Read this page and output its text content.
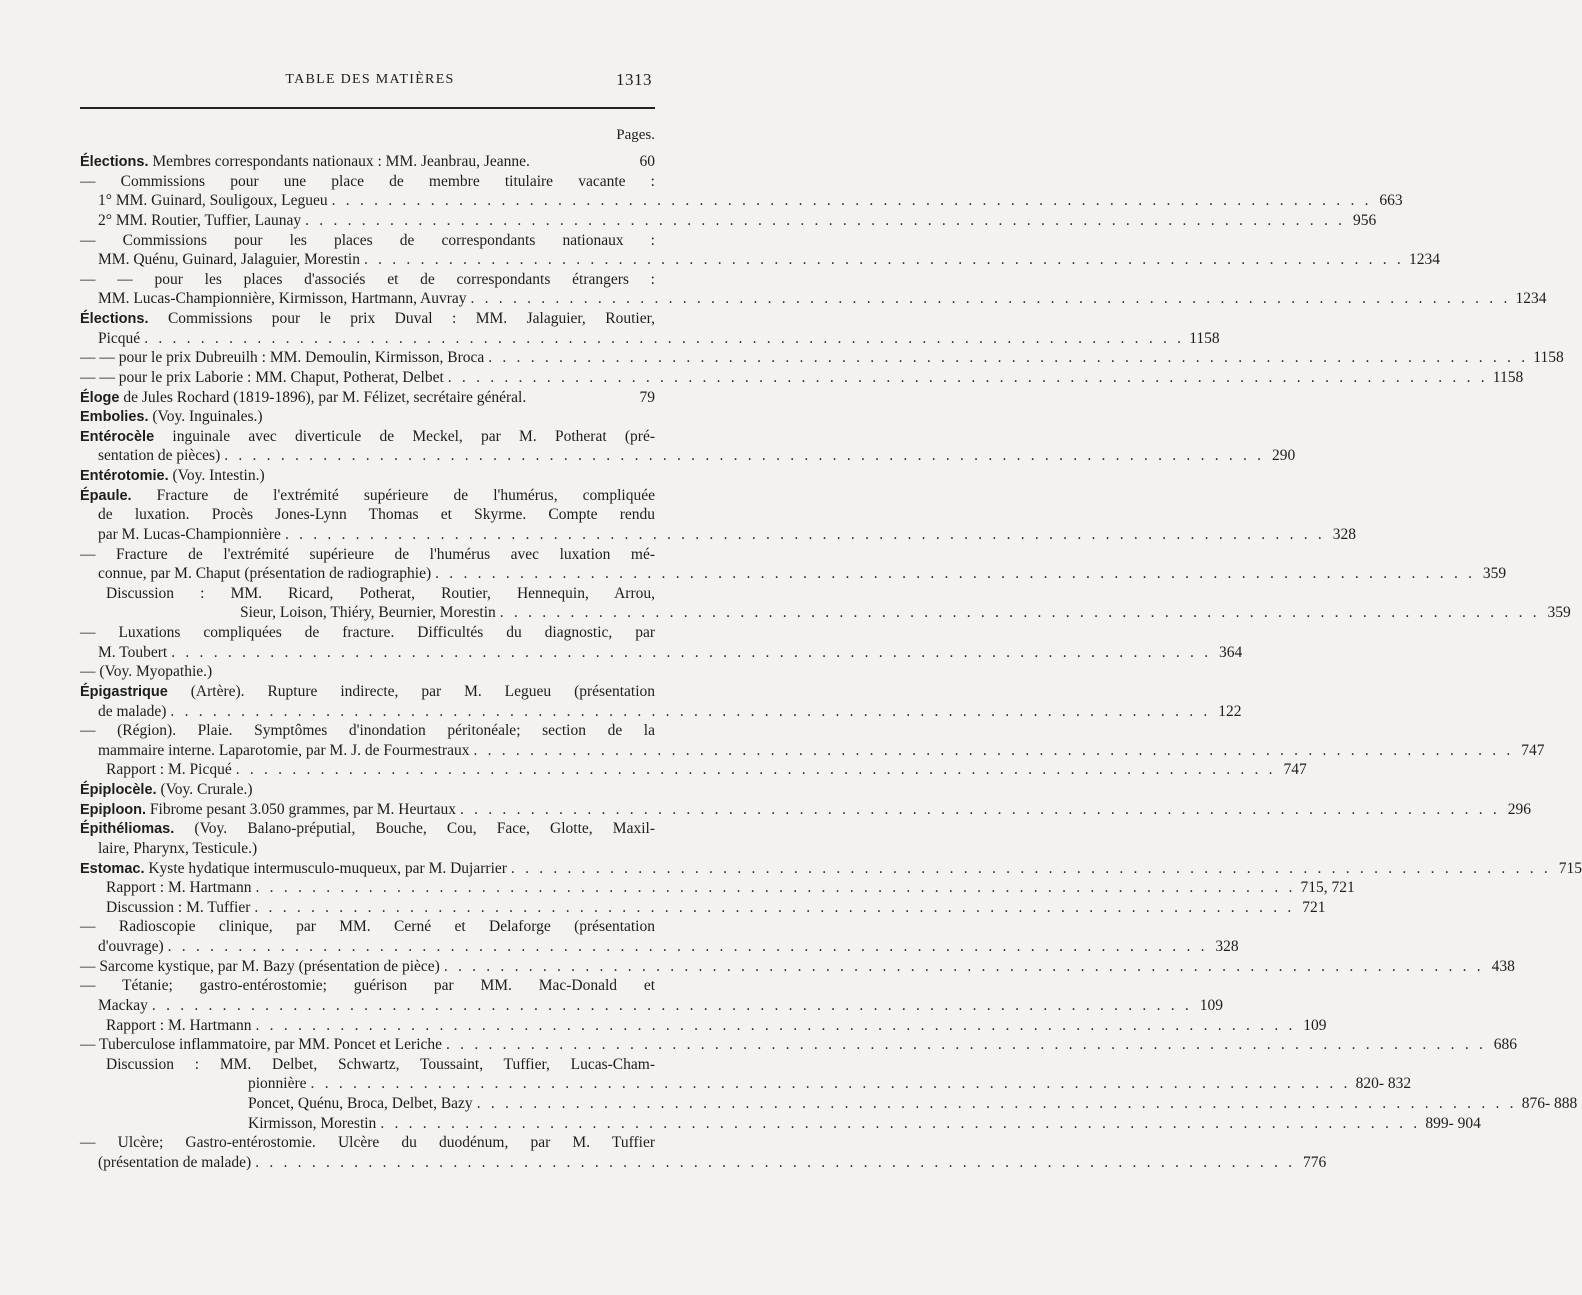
TABLE DES MATIÈRES	1313
Pages.
Élections. Membres correspondants nationaux : MM. Jeanbrau, Jeanne.	60
— Commissions pour une place de membre titulaire vacante :
1° MM. Guinard, Souligoux, Legueu . . .	663
2° MM. Routier, Tuffier, Launay . . .	956
— Commissions pour les places de correspondants nationaux :
MM. Quénu, Guinard, Jalaguier, Morestin . . .	1234
— — pour les places d'associés et de correspondants étrangers :
MM. Lucas-Championnière, Kirmisson, Hartmann, Auvray . . .	1234
Élections. Commissions pour le prix Duval : MM. Jalaguier, Routier,
Picqué . . .	1158
— — pour le prix Dubreuilh : MM. Demoulin, Kirmisson, Broca . . .	1158
— — pour le prix Laborie : MM. Chaput, Potherat, Delbet . . .	1158
Éloge de Jules Rochard (1819-1896), par M. Félizet, secrétaire général.	79
Embolies. (Voy. Inguinales.)
Entérocèle inguinale avec diverticule de Meckel, par M. Potherat (pré-
sentation de pièces) . . .	290
Entérotomie. (Voy. Intestin.)
Épaule. Fracture de l'extrémité supérieure de l'humérus, compliquée
de luxation. Procès Jones-Lynn Thomas et Skyrme. Compte rendu
par M. Lucas-Championnière . . .	328
— Fracture de l'extrémité supérieure de l'humérus avec luxation mé-
connue, par M. Chaput (présentation de radiographie) . . .	359
Discussion : MM. Ricard, Potherat, Routier, Hennequin, Arrou,
Sieur, Loison, Thiéry, Beurnier, Morestin . . .	359
— Luxations compliquées de fracture. Difficultés du diagnostic, par
M. Toubert . . .	364
— (Voy. Myopathie.)
Épigastrique (Artère). Rupture indirecte, par M. Legueu (présentation
de malade) . . .	122
— (Région). Plaie. Symptômes d'inondation péritonéale; section de la
mammaire interne. Laparotomie, par M. J. de Fourmestraux . . .	747
Rapport : M. Picqué . . .	747
Épiplocèle. (Voy. Crurale.)
Epiploon. Fibrome pesant 3.050 grammes, par M. Heurtaux . . .	296
Épithéliomas. (Voy. Balano-préputial, Bouche, Cou, Face, Glotte, Maxil-
laire, Pharynx, Testicule.)
Estomac. Kyste hydatique intermusculo-muqueux, par M. Dujarrier . . .	715
Rapport : M. Hartmann . . .	715, 721
Discussion : M. Tuffier . . .	721
— Radioscopie clinique, par MM. Cerné et Delaforge (présentation
d'ouvrage) . . .	328
— Sarcome kystique, par M. Bazy (présentation de pièce) . . .	438
— Tétanie; gastro-entérostomie; guérison par MM. Mac-Donald et
Mackay . . .	109
Rapport : M. Hartmann . . .	109
— Tuberculose inflammatoire, par MM. Poncet et Leriche . . .	686
Discussion : MM. Delbet, Schwartz, Toussaint, Tuffier, Lucas-Cham-
pionnière . . .	820- 832
Poncet, Quénu, Broca, Delbet, Bazy . . .	876- 888
Kirmisson, Morestin . . .	899- 904
— Ulcère; Gastro-entérostomie. Ulcère du duodénum, par M. Tuffier
(présentation de malade) . . .	776
